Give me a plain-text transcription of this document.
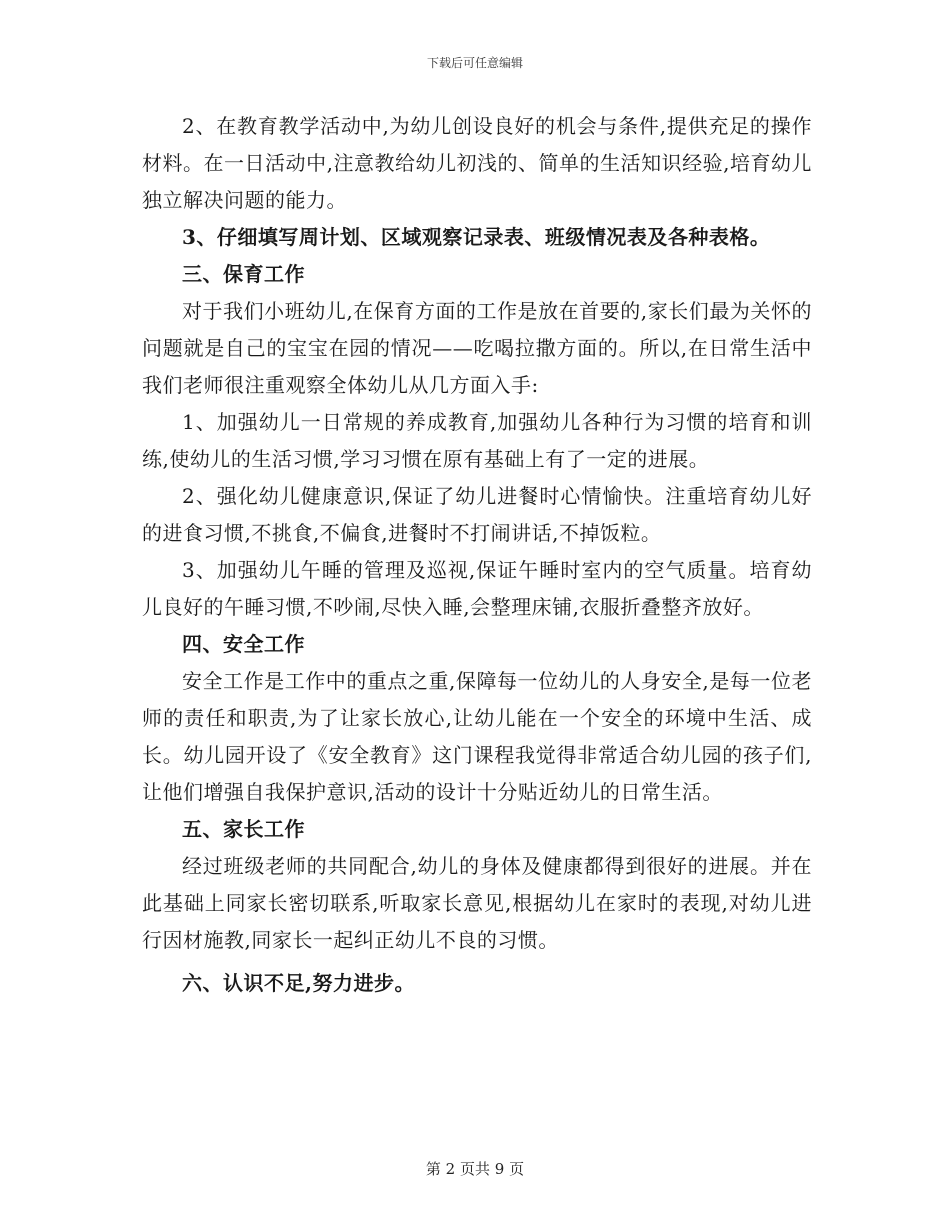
下载后可任意编辑

2、在教育教学活动中,为幼儿创设良好的机会与条件,提供充足的操作材料。在一日活动中,注意教给幼儿初浅的、简单的生活知识经验,培育幼儿独立解决问题的能力。

3、仔细填写周计划、区域观察记录表、班级情况表及各种表格。

三、保育工作

对于我们小班幼儿,在保育方面的工作是放在首要的,家长们最为关怀的问题就是自己的宝宝在园的情况——吃喝拉撒方面的。所以,在日常生活中我们老师很注重观察全体幼儿从几方面入手:

1、加强幼儿一日常规的养成教育,加强幼儿各种行为习惯的培育和训练,使幼儿的生活习惯,学习习惯在原有基础上有了一定的进展。

2、强化幼儿健康意识,保证了幼儿进餐时心情愉快。注重培育幼儿好的进食习惯,不挑食,不偏食,进餐时不打闹讲话,不掉饭粒。

3、加强幼儿午睡的管理及巡视,保证午睡时室内的空气质量。培育幼儿良好的午睡习惯,不吵闹,尽快入睡,会整理床铺,衣服折叠整齐放好。

四、安全工作

安全工作是工作中的重点之重,保障每一位幼儿的人身安全,是每一位老师的责任和职责,为了让家长放心,让幼儿能在一个安全的环境中生活、成长。幼儿园开设了《安全教育》这门课程我觉得非常适合幼儿园的孩子们,让他们增强自我保护意识,活动的设计十分贴近幼儿的日常生活。

五、家长工作

经过班级老师的共同配合,幼儿的身体及健康都得到很好的进展。并在此基础上同家长密切联系,听取家长意见,根据幼儿在家时的表现,对幼儿进行因材施教,同家长一起纠正幼儿不良的习惯。

六、认识不足,努力进步。

第 2 页共 9 页
